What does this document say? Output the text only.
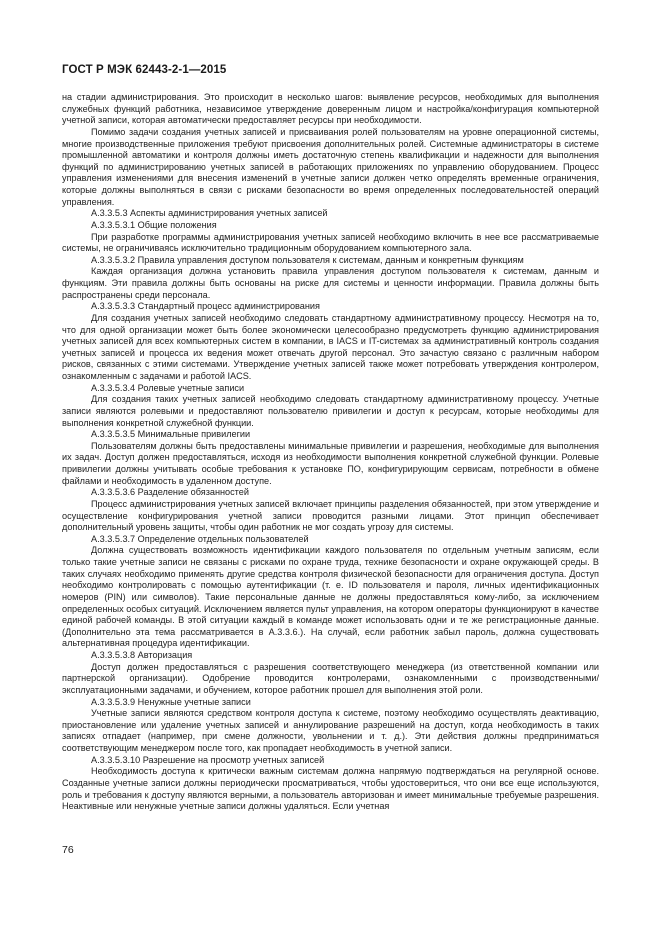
ГОСТ Р МЭК 62443-2-1—2015

на стадии администрирования. Это происходит в несколько шагов: выявление ресурсов, необходимых для выполнения служебных функций работника, независимое утверждение доверенным лицом и настройка/конфигурация компьютерной учетной записи, которая автоматически предоставляет ресурсы при необходимости.

Помимо задачи создания учетных записей и присваивания ролей пользователям на уровне операционной системы, многие производственные приложения требуют присвоения дополнительных ролей. Системные администраторы в системе промышленной автоматики и контроля должны иметь достаточную степень квалификации и надежности для выполнения функций по администрированию учетных записей в работающих приложениях по управлению оборудованием. Процесс управления изменениями для внесения изменений в учетные записи должен четко определять временные ограничения, которые должны выполняться в связи с рисками безопасности во время определенных последовательностей операций управления.

А.3.3.5.3 Аспекты администрирования учетных записей

А.3.3.5.3.1 Общие положения

При разработке программы администрирования учетных записей необходимо включить в нее все рассматриваемые системы, не ограничиваясь исключительно традиционным оборудованием компьютерного зала.

А.3.3.5.3.2 Правила управления доступом пользователя к системам, данным и конкретным функциям

Каждая организация должна установить правила управления доступом пользователя к системам, данным и функциям. Эти правила должны быть основаны на риске для системы и ценности информации. Правила должны быть распространены среди персонала.

А.3.3.5.3.3 Стандартный процесс администрирования

Для создания учетных записей необходимо следовать стандартному административному процессу. Несмотря на то, что для одной организации может быть более экономически целесообразно предусмотреть функцию администрирования учетных записей для всех компьютерных систем в компании, в IACS и IT-системах за административный контроль создания учетных записей и процесса их ведения может отвечать другой персонал. Это зачастую связано с различным набором рисков, связанных с этими системами. Утверждение учетных записей также может потребовать утверждения контролером, ознакомленным с задачами и работой IACS.

А.3.3.5.3.4 Ролевые учетные записи

Для создания таких учетных записей необходимо следовать стандартному административному процессу. Учетные записи являются ролевыми и предоставляют пользователю привилегии и доступ к ресурсам, которые необходимы для выполнения конкретной служебной функции.

А.3.3.5.3.5 Минимальные привилегии

Пользователям должны быть предоставлены минимальные привилегии и разрешения, необходимые для выполнения их задач. Доступ должен предоставляться, исходя из необходимости выполнения конкретной служебной функции. Ролевые привилегии должны учитывать особые требования к установке ПО, конфигурирующим сервисам, потребности в обмене файлами и необходимость в удаленном доступе.

А.3.3.5.3.6 Разделение обязанностей

Процесс администрирования учетных записей включает принципы разделения обязанностей, при этом утверждение и осуществление конфигурирования учетной записи проводится разными лицами. Этот принцип обеспечивает дополнительный уровень защиты, чтобы один работник не мог создать угрозу для системы.

А.3.3.5.3.7 Определение отдельных пользователей

Должна существовать возможность идентификации каждого пользователя по отдельным учетным записям, если только такие учетные записи не связаны с рисками по охране труда, технике безопасности и охране окружающей среды. В таких случаях необходимо применять другие средства контроля физической безопасности для ограничения доступа. Доступ необходимо контролировать с помощью аутентификации (т. е. ID пользователя и пароля, личных идентификационных номеров (PIN) или символов). Такие персональные данные не должны предоставляться кому-либо, за исключением определенных особых ситуаций. Исключением является пульт управления, на котором операторы функционируют в качестве единой рабочей команды. В этой ситуации каждый в команде может использовать одни и те же регистрационные данные. (Дополнительно эта тема рассматривается в А.3.3.6.). На случай, если работник забыл пароль, должна существовать альтернативная процедура идентификации.

А.3.3.5.3.8 Авторизация

Доступ должен предоставляться с разрешения соответствующего менеджера (из ответственной компании или партнерской организации). Одобрение проводится контролерами, ознакомленными с производственными/эксплуатационными задачами, и обучением, которое работник прошел для выполнения этой роли.

А.3.3.5.3.9 Ненужные учетные записи

Учетные записи являются средством контроля доступа к системе, поэтому необходимо осуществлять деактивацию, приостановление или удаление учетных записей и аннулирование разрешений на доступ, когда необходимость в таких записях отпадает (например, при смене должности, увольнении и т. д.). Эти действия должны предприниматься соответствующим менеджером после того, как пропадает необходимость в учетной записи.

А.3.3.5.3.10 Разрешение на просмотр учетных записей

Необходимость доступа к критически важным системам должна напрямую подтверждаться на регулярной основе. Созданные учетные записи должны периодически просматриваться, чтобы удостовериться, что они все еще используются, роль и требования к доступу являются верными, а пользователь авторизован и имеет минимальные требуемые разрешения. Неактивные или ненужные учетные записи должны удаляться. Если учетная

76
